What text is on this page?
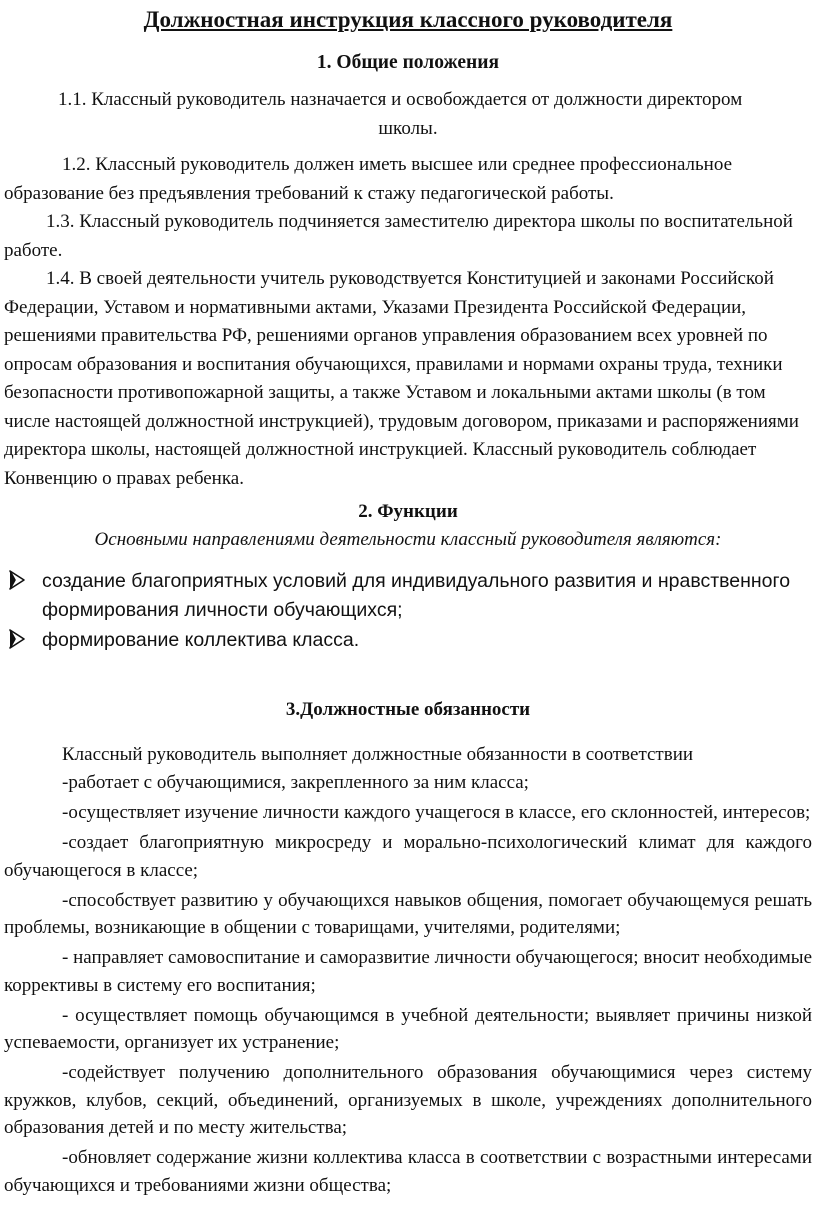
Должностная инструкция классного руководителя
1. Общие положения

1.1. Классный руководитель назначается и освобождается от должности директором
школы.

1.2. Классный руководитель должен иметь высшее или среднее профессиональное образование без предъявления требований к стажу педагогической работы.

1.3. Классный руководитель подчиняется заместителю директора школы по воспитательной работе.

1.4. В своей деятельности учитель руководствуется Конституцией и законами Российской Федерации, Уставом и нормативными актами, Указами Президента Российской Федерации, решениями правительства РФ, решениями органов управления образованием всех уровней по опросам образования и воспитания обучающихся, правилами и нормами охраны труда, техники безопасности противопожарной защиты, а также Уставом и локальными актами школы (в том числе настоящей должностной инструкцией), трудовым договором, приказами и распоряжениями директора школы, настоящей должностной инструкцией. Классный руководитель соблюдает Конвенцию о правах ребенка.

2. Функции

Основными направлениями деятельности классный руководителя являются:

создание благоприятных условий для индивидуального развития и нравственного формирования личности обучающихся;
формирование коллектива класса.
3.Должностные обязанности

Классный руководитель выполняет должностные обязанности в соответствии

-работает с обучающимися, закрепленного за ним класса;

-осуществляет изучение личности каждого учащегося в классе, его склонностей, интересов;

-создает благоприятную микросреду и морально-психологический климат для каждого обучающегося в классе;

-способствует развитию у обучающихся навыков общения, помогает обучающемуся решать проблемы, возникающие в общении с товарищами, учителями, родителями;

- направляет самовоспитание и саморазвитие личности обучающегося; вносит необходимые коррективы в систему его воспитания;

- осуществляет помощь обучающимся в учебной деятельности; выявляет причины низкой успеваемости, организует их устранение;

-содействует получению дополнительного образования обучающимися через систему кружков, клубов, секций, объединений, организуемых в школе, учреждениях дополнительного образования детей и по месту жительства;

-обновляет содержание жизни коллектива класса в соответствии с возрастными интересами обучающихся и требованиями жизни общества;
